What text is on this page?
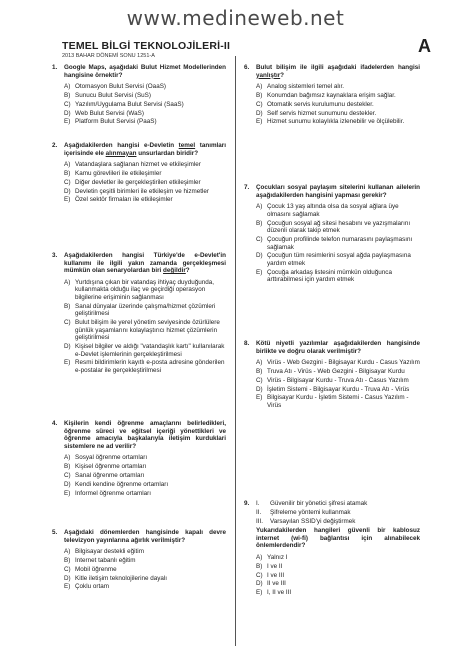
www.medineweb.net
TEMEL BİLGİ TEKNOLOJİLERİ-II
2013 BAHAR DÖNEMİ SONU 1251-A	A
1. Google Maps, aşağıdaki Bulut Hizmet Modellerinden hangisine örnektir?
A) Otomasyon Bulut Servisi (OaaS)
B) Sunucu Bulut Servisi (SuS)
C) Yazılım/Uygulama Bulut Servisi (SaaS)
D) Web Bulut Servisi (WaS)
E) Platform Bulut Servisi (PaaS)
2. Aşağıdakilerden hangisi e-Devletin temel tanımları içerisinde ele alınmayan unsurlardan biridir?
A) Vatandaşlara sağlanan hizmet ve etkileşimler
B) Kamu görevlileri ile etkileşimler
C) Diğer devletler ile gerçekleştirilen etkileşimler
D) Devletin çeşitli birimleri ile etkileşim ve hizmetler
E) Özel sektör firmaları ile etkileşimler
3. Aşağıdakilerden hangisi Türkiye'de e-Devlet'in kullanımı ile ilgili yakın zamanda gerçekleşmesi mümkün olan senaryolardan biri değildir?
A) Yurtdışına çıkan bir vatandaş ihtiyaç duyduğunda, kullanmakta olduğu ilaç ve geçirdiği operasyon bilgilerine erişiminin sağlanması
B) Sanal dünyalar üzerinde çalışma/hizmet çözümleri geliştirilmesi
C) Bulut bilişim ile yerel yönetim seviyesinde özürlülere günlük yaşamlarını kolaylaştırıcı hizmet çözümlerin geliştirilmesi
D) Kişisel bilgiler ve aldığı "vatandaşlık kartı" kullanılarak e-Devlet işlemlerinin gerçekleştirilmesi
E) Resmi bildirimlerin kayıtlı e-posta adresine gönderilen e-postalar ile gerçekleştirilmesi
4. Kişilerin kendi öğrenme amaçlarını belirledikleri, öğrenme süreci ve eğitsel içeriği yönettikleri ve öğrenme amacıyla başkalarıyla iletişim kurduklari sistemlere ne ad verilir?
A) Sosyal öğrenme ortamları
B) Kişisel öğrenme ortamları
C) Sanal öğrenme ortamları
D) Kendi kendine öğrenme ortamları
E) Informel öğrenme ortamları
5. Aşağıdaki dönemlerden hangisinde kapalı devre televizyon yayınlarına ağırlık verilmiştir?
A) Bilgisayar destekli eğitim
B) Internet tabanlı eğitim
C) Mobil öğrenme
D) Kitle iletişim teknolojilerine dayalı
E) Çoklu ortam
6. Bulut bilişim ile ilgili aşağıdaki ifadelerden hangisi yanlıştır?
A) Analog sistemleri temel alır.
B) Konumdan bağımsız kaynaklara erişim sağlar.
C) Otomatik servis kurulumunu destekler.
D) Self servis hizmet sunumunu destekler.
E) Hizmet sunumu kolaylıkla izlenebilir ve ölçülebilir.
7. Çocukları sosyal paylaşım sitelerini kullanan ailelerin aşağıdakilerden hangisini yapması gerekir?
A) Çocuk 13 yaş altında olsa da sosyal ağlara üye olmasını sağlamak
B) Çocuğun sosyal ağ sitesi hesabını ve yazışmalarını düzenli olarak takip etmek
C) Çocuğun profilinde telefon numarasını paylaşmasını sağlamak
D) Çocuğun tüm resimlerini sosyal ağda paylaşmasına yardım etmek
E) Çocuğa arkadaş listesini mümkün olduğunca arttırabilmesi için yardım etmek
8. Kötü niyetli yazılımlar aşağıdakilerden hangisinde birlikte ve doğru olarak verilmiştir?
A) Virüs - Web Gezgini - Bilgisayar Kurdu - Casus Yazılım
B) Truva Atı - Virüs - Web Gezgini - Bilgisayar Kurdu
C) Virüs - Bilgisayar Kurdu - Truva Atı - Casus Yazılım
D) İşletim Sistemi - Bilgisayar Kurdu - Truva Atı - Virüs
E) Bilgisayar Kurdu - İşletim Sistemi - Casus Yazılım - Virüs
9. I.	Güvenilir bir yönetici şifresi atamak
II.	Şifreleme yöntemi kullanmak
III.	Varsayılan SSID'yi değiştirmek
Yukarıdakilerden hangileri güvenli bir kablosuz internet (wi-fi) bağlantısı için alınabilecek önlemlerdendir?
A) Yalnız I
B) I ve II
C) I ve III
D) II ve III
E) I, II ve III
